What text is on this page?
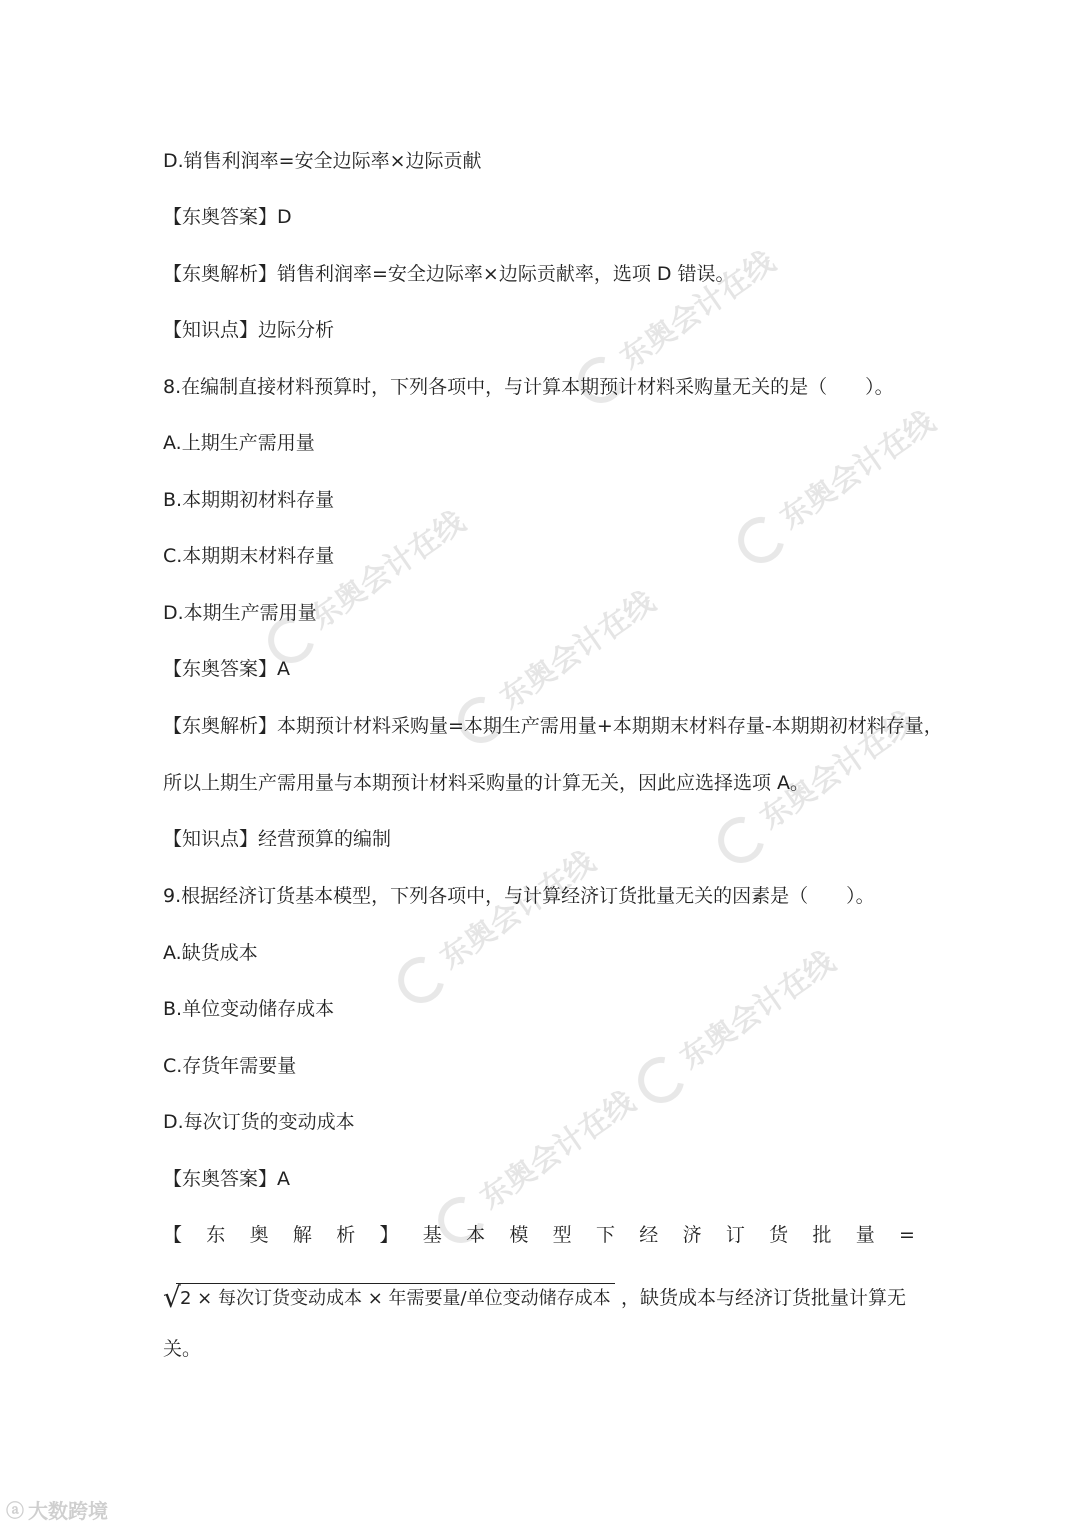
东奥会计在线
东奥会计在线
东奥会计在线
东奥会计在线
东奥会计在线
东奥会计在线
东奥会计在线
东奥会计在线
D.销售利润率=安全边际率×边际贡献
【东奥答案】D
【东奥解析】销售利润率=安全边际率×边际贡献率，选项 D 错误。
【知识点】边际分析
8.在编制直接材料预算时，下列各项中，与计算本期预计材料采购量无关的是（　　）。
A.上期生产需用量
B.本期期初材料存量
C.本期期末材料存量
D.本期生产需用量
【东奥答案】A
【东奥解析】本期预计材料采购量=本期生产需用量+本期期末材料存量-本期期初材料存量，
所以上期生产需用量与本期预计材料采购量的计算无关，因此应选择选项 A。
【知识点】经营预算的编制
9.根据经济订货基本模型，下列各项中，与计算经济订货批量无关的因素是（　　）。
A.缺货成本
B.单位变动储存成本
C.存货年需要量
D.每次订货的变动成本
【东奥答案】A
【 东 奥 解 析 】 基 本 模 型 下 经 济 订 货 批 量 =
√ 2 × 每次订货变动成本 × 年需要量/单位变动储存成本 ，缺货成本与经济订货批量计算无
关。
ⓐ 大数跨境
